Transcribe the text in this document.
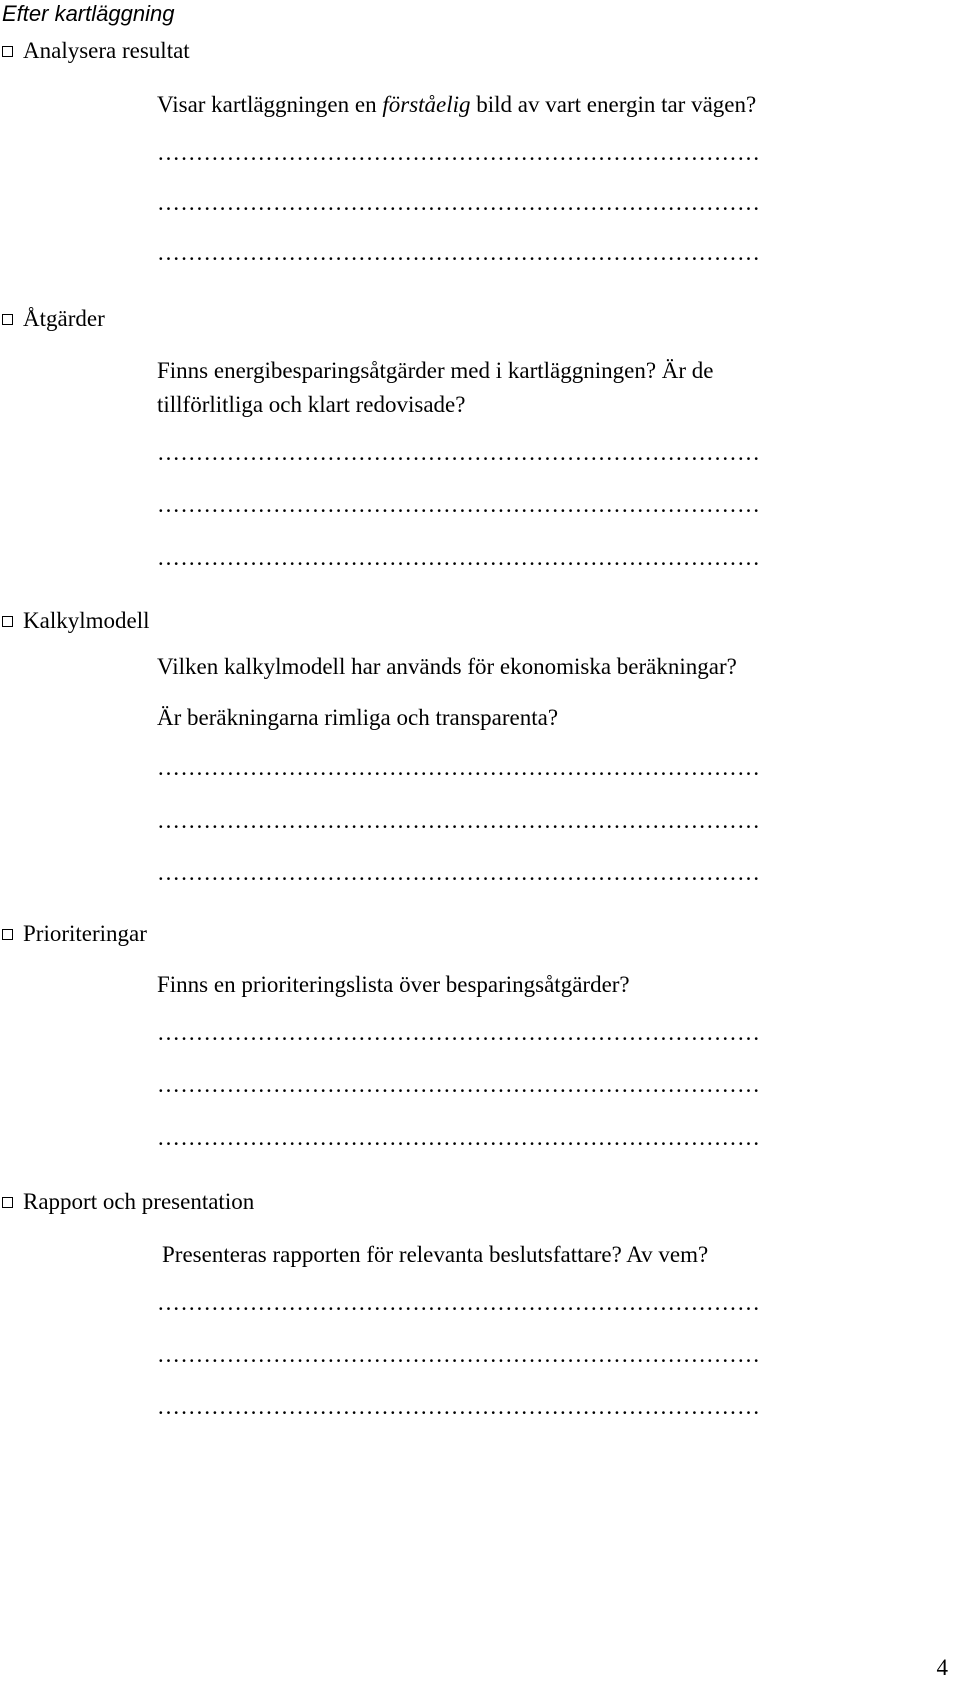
Efter kartläggning
Analysera resultat
Visar kartläggningen en förståelig bild av vart energin tar vägen?
……………………………………………………………………
……………………………………………………………………
……………………………………………………………………
Åtgärder
Finns energibesparingsåtgärder med i kartläggningen? Är de
tillförlitliga och klart redovisade?
……………………………………………………………………
……………………………………………………………………
……………………………………………………………………
Kalkylmodell
Vilken kalkylmodell har används för ekonomiska beräkningar?
Är beräkningarna rimliga och transparenta?
……………………………………………………………………
……………………………………………………………………
……………………………………………………………………
Prioriteringar
Finns en prioriteringslista över besparingsåtgärder?
……………………………………………………………………
……………………………………………………………………
……………………………………………………………………
Rapport och presentation
Presenteras rapporten för relevanta beslutsfattare? Av vem?
……………………………………………………………………
……………………………………………………………………
……………………………………………………………………
4
